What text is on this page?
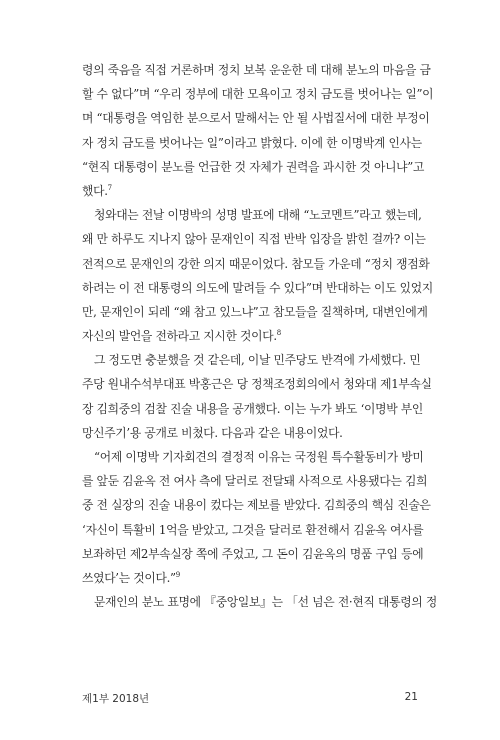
령의 죽음을 직접 거론하며 정치 보복 운운한 데 대해 분노의 마음을 금
할 수 없다”며 “우리 정부에 대한 모욕이고 정치 금도를 벗어나는 일”이
며 “대통령을 역임한 분으로서 말해서는 안 될 사법질서에 대한 부정이
자 정치 금도를 벗어나는 일”이라고 밝혔다. 이에 한 이명박계 인사는
“현직 대통령이 분노를 언급한 것 자체가 권력을 과시한 것 아니냐”고
했다.$^7$
청와대는 전날 이명박의 성명 발표에 대해 “노코멘트”라고 했는데,
왜 만 하루도 지나지 않아 문재인이 직접 반박 입장을 밝힌 걸까? 이는
전적으로 문재인의 강한 의지 때문이었다. 참모들 가운데 “정치 쟁점화
하려는 이 전 대통령의 의도에 말려들 수 있다”며 반대하는 이도 있었지
만, 문재인이 되레 “왜 참고 있느냐”고 참모들을 질책하며, 대변인에게
자신의 발언을 전하라고 지시한 것이다.$^8$
그 정도면 충분했을 것 같은데, 이날 민주당도 반격에 가세했다. 민
주당 원내수석부대표 박홍근은 당 정책조정회의에서 청와대 제1부속실
장 김희중의 검찰 진술 내용을 공개했다. 이는 누가 봐도 ‘이명박 부인
망신주기’용 공개로 비쳤다. 다음과 같은 내용이었다.
“어제 이명박 기자회견의 결정적 이유는 국정원 특수활동비가 방미
를 앞둔 김윤옥 전 여사 측에 달러로 전달돼 사적으로 사용됐다는 김희
중 전 실장의 진술 내용이 컸다는 제보를 받았다. 김희중의 핵심 진술은
‘자신이 특활비 1억을 받았고, 그것을 달러로 환전해서 김윤옥 여사를
보좌하던 제2부속실장 쪽에 주었고, 그 돈이 김윤옥의 명품 구입 등에
쓰였다’는 것이다.”$^9$
문재인의 분노 표명에 『중앙일보』는 「선 넘은 전·현직 대통령의 정
제1부 2018년	21
